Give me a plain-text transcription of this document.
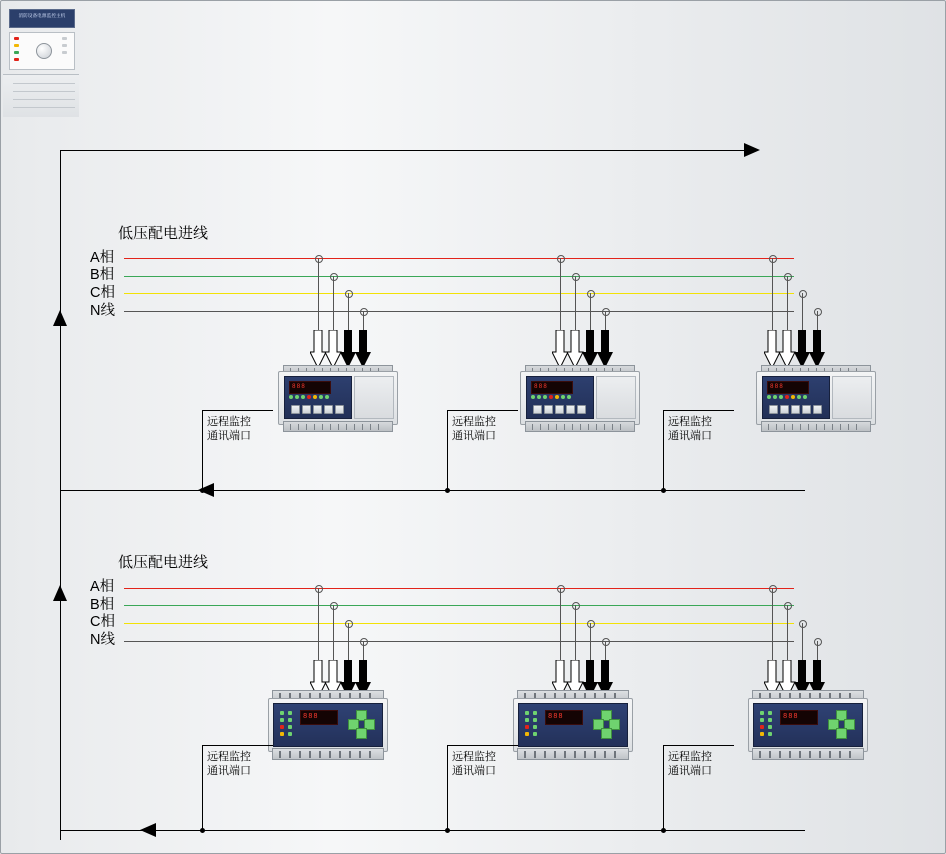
消防设备电源监控主机
低压配电进线
A相
B相
C相
N线
888	888	888
远程监控
通讯端口
远程监控
通讯端口
远程监控
通讯端口
低压配电进线
A相
B相
C相
N线
888	888	888
远程监控
通讯端口
远程监控
通讯端口
远程监控
通讯端口
